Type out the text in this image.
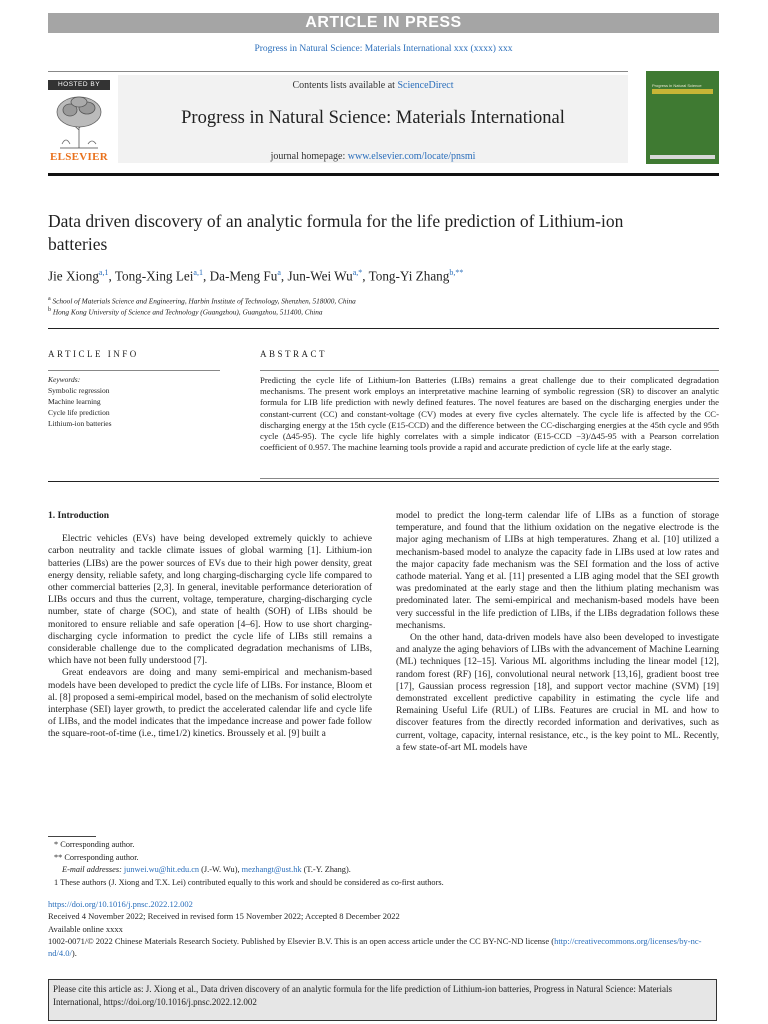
ARTICLE IN PRESS
Progress in Natural Science: Materials International xxx (xxxx) xxx
HOSTED BY
ELSEVIER
Contents lists available at ScienceDirect
Progress in Natural Science: Materials International
journal homepage: www.elsevier.com/locate/pnsmi
Progress in Natural Science
Data driven discovery of an analytic formula for the life prediction of Lithium-ion batteries
Jie Xiong$^{a,1}$, Tong-Xing Lei$^{a,1}$, Da-Meng Fu$^a$, Jun-Wei $Wu^{a,*}$, Tong-Yi Zhang$^{b,**}$
$^a$ School of Materials Science and Engineering, Harbin Institute of Technology, Shenzhen, 518000, China
$^b$ Hong Kong University of Science and Technology (Guangzhou), Guangzhou, 511400, China
ARTICLE INFO	ABSTRACT
Keywords:
Symbolic regression
Machine learning
Cycle life prediction
Lithium-ion batteries
Predicting the cycle life of Lithium-Ion Batteries (LIBs) remains a great challenge due to their complicated degradation mechanisms. The present work employs an interpretative machine learning of symbolic regression (SR) to discover an analytic formula for LIB life prediction with newly defined features. The novel features are based on the discharging energies under the constant-current (CC) and constant-voltage (CV) modes at every five cycles alternately. The cycle life is affected by the CC-discharging energy at the 15th cycle (E15-CCD) and the difference between the CC-discharging energies at the 45th cycle and 95th cycle (Δ45-95). The cycle life highly correlates with a simple indicator (E15-CCD −3)/Δ45-95 with a Pearson correlation coefficient of 0.957. The machine learning tools provide a rapid and accurate prediction of cycle life at the early stage.
1. Introduction

Electric vehicles (EVs) have being developed extremely quickly to achieve carbon neutrality and tackle climate issues of global warming [1]. Lithium-ion batteries (LIBs) are the power sources of EVs due to their high power density, great energy density, reliable safety, and long charging-discharging cycle life compared to other commercial batteries [2,3]. In general, inevitable performance deterioration of LIBs occurs and thus the current, voltage, temperature, charging-discharging cycle number, state of charge (SOC), and state of health (SOH) of LIBs should be monitored to ensure reliable and safe operation [4–6]. How to use short charging-discharging cycle information to predict the cycle life of LIBs still remains a considerable challenge due to the complicated degradation mechanisms of LIBs, which have not been fully understood [7].

Great endeavors are doing and many semi-empirical and mechanism-based models have been developed to predict the cycle life of LIBs. For instance, Bloom et al. [8] proposed a semi-empirical model, based on the mechanism of solid electrolyte interphase (SEI) layer growth, to predict the accelerated calendar life and cycle life of LIBs, and the model indicates that the impedance increase and power fade follow the square-root-of-time (i.e., time1/2) kinetics. Broussely et al. [9] built a

model to predict the long-term calendar life of LIBs as a function of storage temperature, and found that the lithium oxidation on the negative electrode is the major aging mechanism of LIBs at high temperatures. Zhang et al. [10] utilized a mechanism-based model to analyze the capacity fade in LIBs used at low rates and the major capacity fade mechanism was the SEI formation and the loss of active cathode material. Yang et al. [11] presented a LIB aging model that the SEI growth was predominated at the early stage and then the lithium plating mechanism was predominated later. The semi-empirical and mechanism-based models have been very successful in the life prediction of LIBs, if the LIBs degradation follows these mechanisms.

On the other hand, data-driven models have also been developed to investigate and analyze the aging behaviors of LIBs with the advancement of Machine Learning (ML) techniques [12–15]. Various ML algorithms including the linear model [12], random forest (RF) [16], convolutional neural network [13,16], gradient boost tree [17], Gaussian process regression [18], and support vector machine (SVM) [19] demonstrated excellent predictive capability in estimating the cycle life and Remaining Useful Life (RUL) of LIBs. Features are crucial in ML and how to discover features from the directly recorded information and derivatives, such as current, voltage, capacity, internal resistance, etc., is the key point to ML. Recently, a few state-of-art ML models have

* Corresponding author.
** Corresponding author.
E-mail addresses: junwei.wu@hit.edu.cn (J.-W. Wu), mezhangt@ust.hk (T.-Y. Zhang).
1 These authors (J. Xiong and T.X. Lei) contributed equally to this work and should be considered as co-first authors.
https://doi.org/10.1016/j.pnsc.2022.12.002
Received 4 November 2022; Received in revised form 15 November 2022; Accepted 8 December 2022
Available online xxxx
1002-0071/© 2022 Chinese Materials Research Society. Published by Elsevier B.V. This is an open access article under the CC BY-NC-ND license (http://creativecommons.org/licenses/by-nc-nd/4.0/).
Please cite this article as: J. Xiong et al., Data driven discovery of an analytic formula for the life prediction of Lithium-ion batteries, Progress in Natural Science: Materials International, https://doi.org/10.1016/j.pnsc.2022.12.002
